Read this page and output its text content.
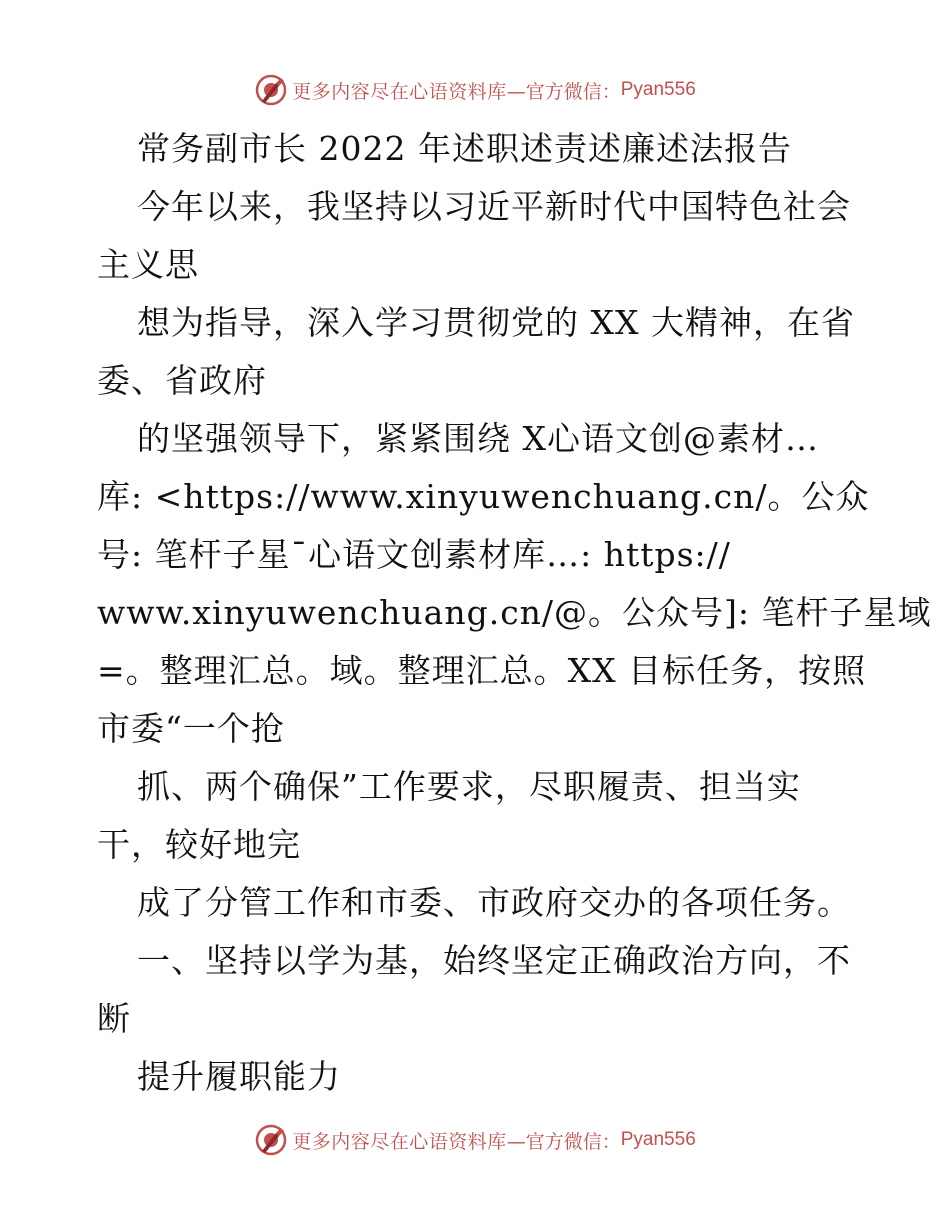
更多内容尽在心语资料库 —官方微信： Pyan556
常务副市长 2022 年述职述责述廉述法报告
今年以来，我坚持以习近平新时代中国特色社会
主义思
想为指导，深入学习贯彻党的 XX 大精神，在省
委、省政府
的坚强领导下，紧紧围绕 X心语文创@素材…
库: <https://www.xinyuwenchuang.cn/。公众
号: 笔杆子星¯心语文创素材库…: https://
www.xinyuwenchuang.cn/@。公众号]: 笔杆子星域
=。整理汇总。域。整理汇总。XX 目标任务，按照
市委“一个抢
抓、两个确保”工作要求，尽职履责、担当实
干，较好地完
成了分管工作和市委、市政府交办的各项任务。
一、坚持以学为基，始终坚定正确政治方向，不
断
提升履职能力
更多内容尽在心语资料库 —官方微信： Pyan556
